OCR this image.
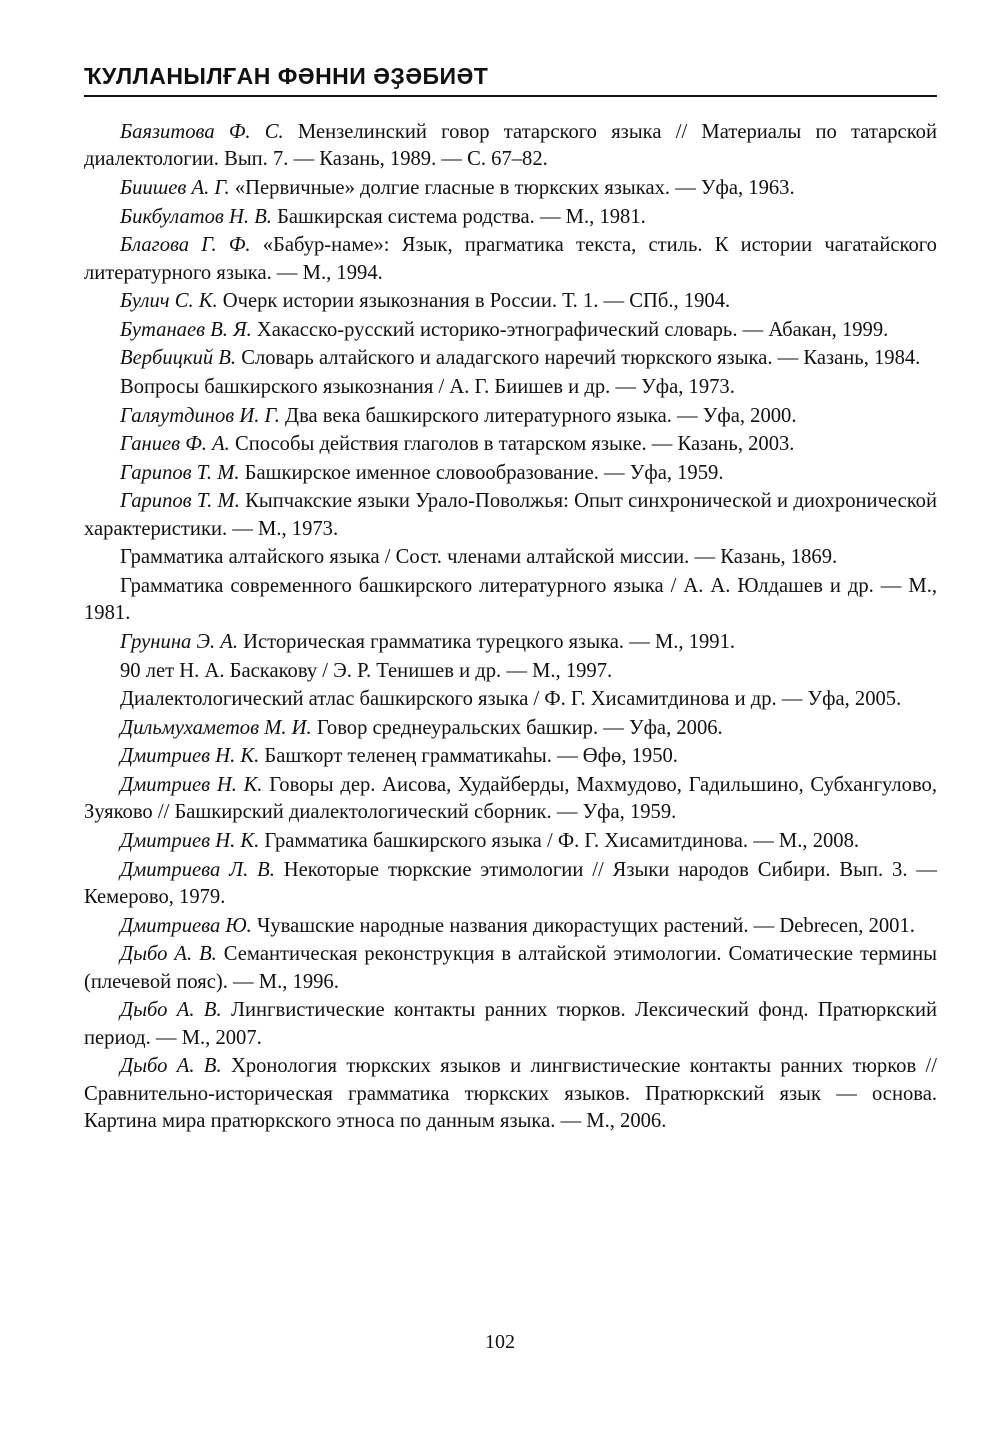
ҠУЛЛАНЫЛҒАН ФӘННИ ӘҘӘБИӘТ

Баязитова Ф. С. Мензелинский говор татарского языка // Материалы по татарской диалектологии. Вып. 7. — Казань, 1989. — С. 67–82.

Биишев А. Г. «Первичные» долгие гласные в тюркских языках. — Уфа, 1963.

Бикбулатов Н. В. Башкирская система родства. — М., 1981.

Благова Г. Ф. «Бабур-наме»: Язык, прагматика текста, стиль. К истории чагатайского литературного языка. — М., 1994.

Булич С. К. Очерк истории языкознания в России. Т. 1. — СПб., 1904.

Бутанаев В. Я. Хакасско-русский историко-этнографический словарь. — Абакан, 1999.

Вербицкий В. Словарь алтайского и аладагского наречий тюркского языка. — Казань, 1984.

Вопросы башкирского языкознания / А. Г. Биишев и др. — Уфа, 1973.

Галяутдинов И. Г. Два века башкирского литературного языка. — Уфа, 2000.

Ганиев Ф. А. Способы действия глаголов в татарском языке. — Казань, 2003.

Гарипов Т. М. Башкирское именное словообразование. — Уфа, 1959.

Гарипов Т. М. Кыпчакские языки Урало-Поволжья: Опыт синхронической и диохронической характеристики. — М., 1973.

Грамматика алтайского языка / Сост. членами алтайской миссии. — Казань, 1869.

Грамматика современного башкирского литературного языка / А. А. Юлдашев и др. — М., 1981.

Грунина Э. А. Историческая грамматика турецкого языка. — М., 1991.

90 лет Н. А. Баскакову / Э. Р. Тенишев и др. — М., 1997.

Диалектологический атлас башкирского языка / Ф. Г. Хисамитдинова и др. — Уфа, 2005.

Дильмухаметов М. И. Говор среднеуральских башкир. — Уфа, 2006.

Дмитриев Н. К. Башҡорт теленең грамматикаһы. — Өфө, 1950.

Дмитриев Н. К. Говоры дер. Аисова, Худайберды, Махмудово, Гадильшино, Субхангулово, Зуяково // Башкирский диалектологический сборник. — Уфа, 1959.

Дмитриев Н. К. Грамматика башкирского языка / Ф. Г. Хисамитдинова. — М., 2008.

Дмитриева Л. В. Некоторые тюркские этимологии // Языки народов Сибири. Вып. 3. — Кемерово, 1979.

Дмитриева Ю. Чувашские народные названия дикорастущих растений. — Debrecen, 2001.

Дыбо А. В. Семантическая реконструкция в алтайской этимологии. Соматические термины (плечевой пояс). — М., 1996.

Дыбо А. В. Лингвистические контакты ранних тюрков. Лексический фонд. Пратюркский период. — М., 2007.

Дыбо А. В. Хронология тюркских языков и лингвистические контакты ранних тюрков // Сравнительно-историческая грамматика тюркских языков. Пратюркский язык — основа. Картина мира пратюркского этноса по данным языка. — М., 2006.

102
